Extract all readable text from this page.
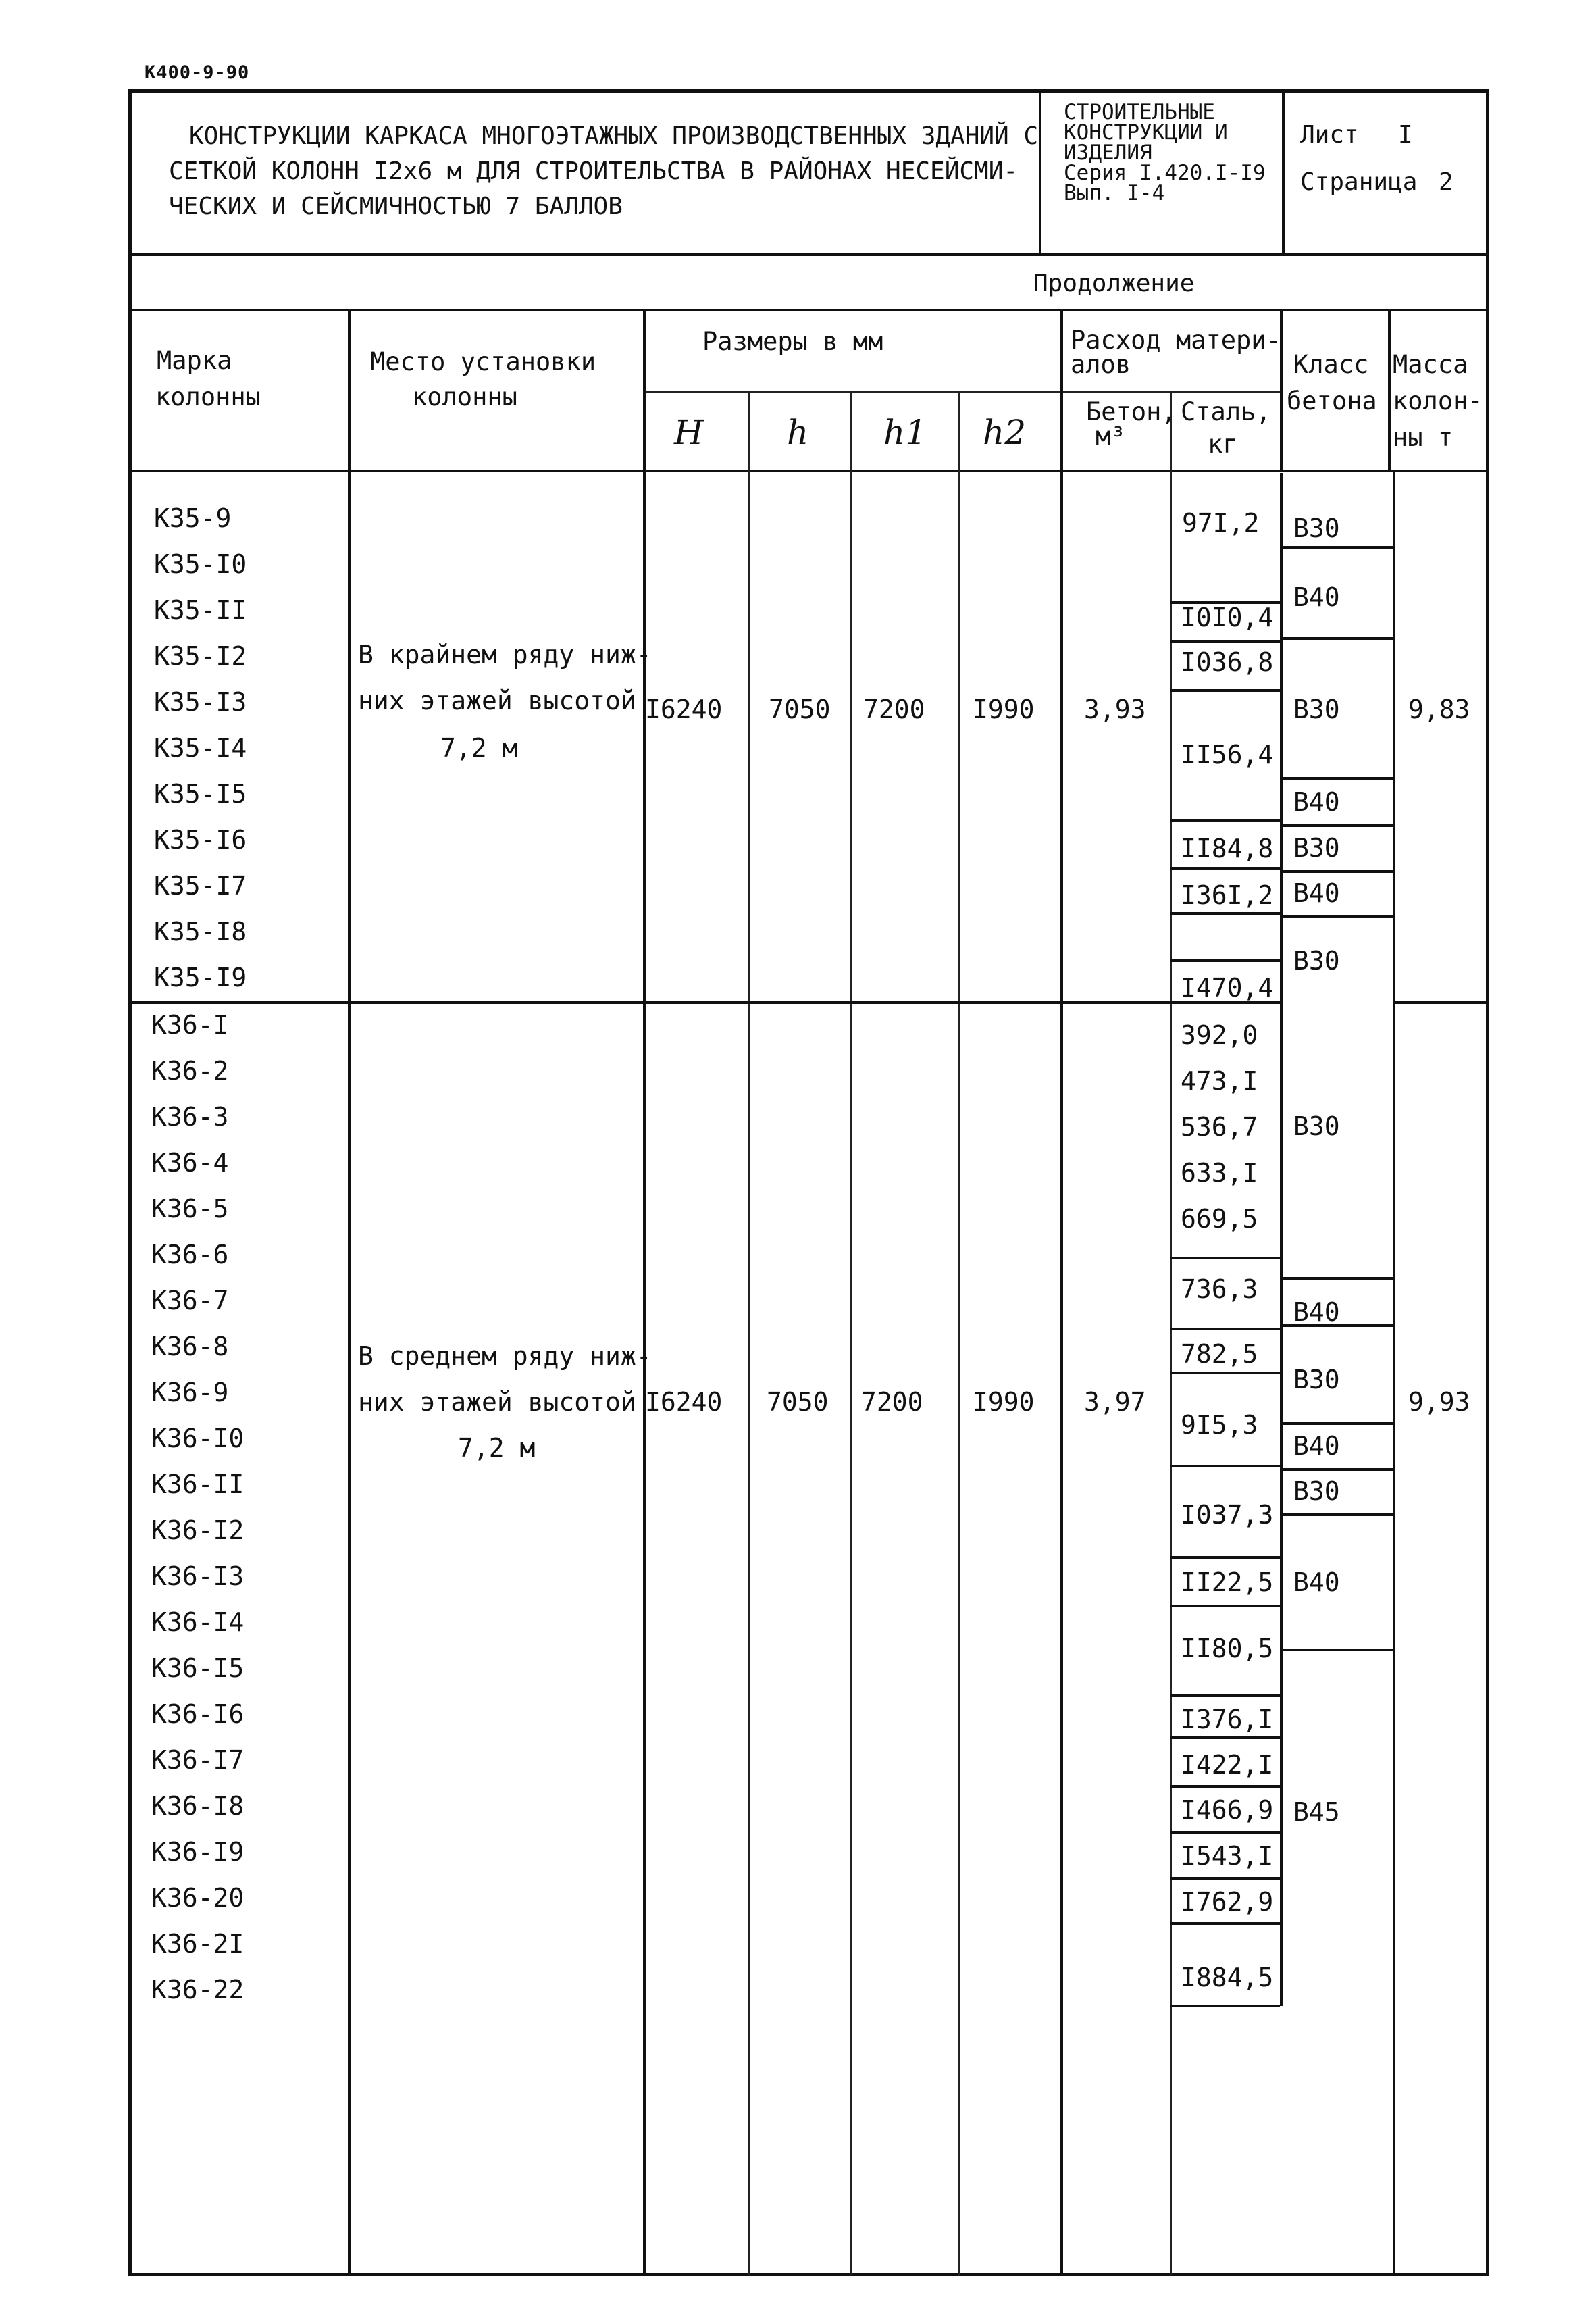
К400-9-90
КОНСТРУКЦИИ КАРКАСА МНОГОЭТАЖНЫХ ПРОИЗВОДСТВЕННЫХ ЗДАНИЙ С
СЕТКОЙ КОЛОНН I2х6 м ДЛЯ СТРОИТЕЛЬСТВА В РАЙОНАХ НЕСЕЙСМИ-
ЧЕСКИХ И СЕЙСМИЧНОСТЬЮ 7 БАЛЛОВ
СТРОИТЕЛЬНЫЕ
КОНСТРУКЦИИ И
ИЗДЕЛИЯ
Серия I.420.I-I9
Вып. I-4
Лист I
Страница 2
Продолжение
Марка
колонны
Место установки
колонны
Размеры в мм
H h h1 h2
Расход матери-
алов
Бетон,
м³
Сталь,
кг
Класс
бетона
Масса
колон-
ны т
К35-9
К35-I0
К35-II
К35-I2
К35-I3
К35-I4
К35-I5
К35-I6
К35-I7
К35-I8
К35-I9
В крайнем ряду ниж-
них этажей высотой
7,2 м
I6240 7050 7200 I990 3,93	9,83
97I,2
I0I0,4
I036,8
II56,4
II84,8
I36I,2
I470,4
B30
B40
B30
B40
B30
B40
B30
К36-I
К36-2
К36-3
К36-4
К36-5
К36-6
К36-7
К36-8
К36-9
К36-I0
К36-II
К36-I2
К36-I3
К36-I4
К36-I5
К36-I6
К36-I7
К36-I8
К36-I9
К36-20
К36-2I
К36-22
В среднем ряду ниж-
них этажей высотой
7,2 м
I6240 7050 7200 I990 3,97	9,93
392,0
473,I
536,7
633,I
669,5
736,3
782,5
9I5,3
I037,3
II22,5
II80,5
I376,I
I422,I
I466,9
I543,I
I762,9
I884,5
B30
B40
B30
B40
B30
B40
B45
